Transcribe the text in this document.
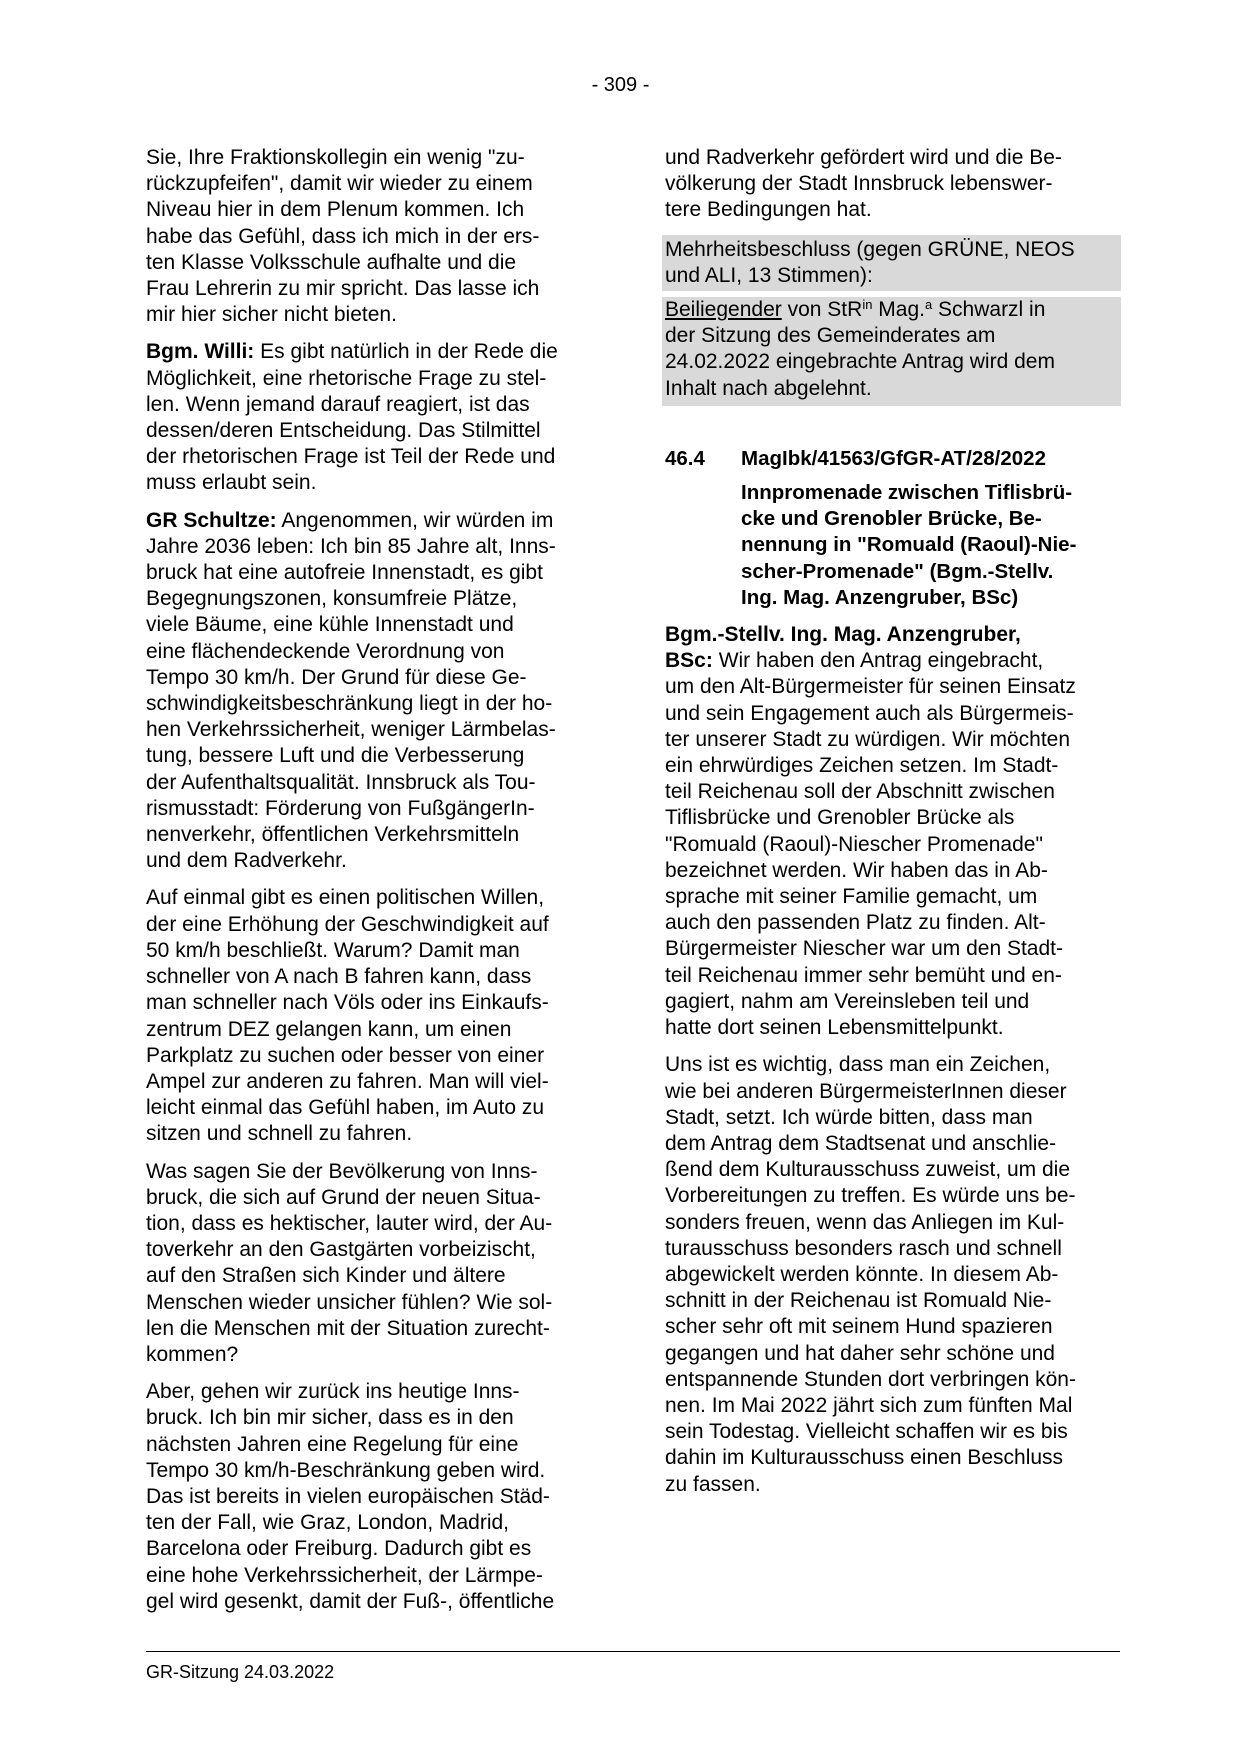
- 309 -

Sie, Ihre Fraktionskollegin ein wenig "zu-
rückzupfeifen", damit wir wieder zu einem
Niveau hier in dem Plenum kommen. Ich
habe das Gefühl, dass ich mich in der ers-
ten Klasse Volksschule aufhalte und die
Frau Lehrerin zu mir spricht. Das lasse ich
mir hier sicher nicht bieten.

Bgm. Willi: Es gibt natürlich in der Rede die
Möglichkeit, eine rhetorische Frage zu stel-
len. Wenn jemand darauf reagiert, ist das
dessen/deren Entscheidung. Das Stilmittel
der rhetorischen Frage ist Teil der Rede und
muss erlaubt sein.

GR Schultze: Angenommen, wir würden im
Jahre 2036 leben: Ich bin 85 Jahre alt, Inns-
bruck hat eine autofreie Innenstadt, es gibt
Begegnungszonen, konsumfreie Plätze,
viele Bäume, eine kühle Innenstadt und
eine flächendeckende Verordnung von
Tempo 30 km/h. Der Grund für diese Ge-
schwindigkeitsbeschränkung liegt in der ho-
hen Verkehrssicherheit, weniger Lärmbelas-
tung, bessere Luft und die Verbesserung
der Aufenthaltsqualität. Innsbruck als Tou-
rismusstadt: Förderung von FußgängerIn-
nenverkehr, öffentlichen Verkehrsmitteln
und dem Radverkehr.

Auf einmal gibt es einen politischen Willen,
der eine Erhöhung der Geschwindigkeit auf
50 km/h beschließt. Warum? Damit man
schneller von A nach B fahren kann, dass
man schneller nach Völs oder ins Einkaufs-
zentrum DEZ gelangen kann, um einen
Parkplatz zu suchen oder besser von einer
Ampel zur anderen zu fahren. Man will viel-
leicht einmal das Gefühl haben, im Auto zu
sitzen und schnell zu fahren.

Was sagen Sie der Bevölkerung von Inns-
bruck, die sich auf Grund der neuen Situa-
tion, dass es hektischer, lauter wird, der Au-
toverkehr an den Gastgärten vorbeizischt,
auf den Straßen sich Kinder und ältere
Menschen wieder unsicher fühlen? Wie sol-
len die Menschen mit der Situation zurecht-
kommen?

Aber, gehen wir zurück ins heutige Inns-
bruck. Ich bin mir sicher, dass es in den
nächsten Jahren eine Regelung für eine
Tempo 30 km/h-Beschränkung geben wird.
Das ist bereits in vielen europäischen Städ-
ten der Fall, wie Graz, London, Madrid,
Barcelona oder Freiburg. Dadurch gibt es
eine hohe Verkehrssicherheit, der Lärmpe-
gel wird gesenkt, damit der Fuß-, öffentliche

und Radverkehr gefördert wird und die Be-
völkerung der Stadt Innsbruck lebenswer-
tere Bedingungen hat.

Mehrheitsbeschluss (gegen GRÜNE, NEOS
und ALI, 13 Stimmen):
Beiliegender von StR$^{in}$ Mag.$^a$ Schwarzl in
der Sitzung des Gemeinderates am
24.02.2022 eingebrachte Antrag wird dem
Inhalt nach abgelehnt.
46.4 MagIbk/41563/GfGR-AT/28/2022
Innpromenade zwischen Tiflisbrü-
cke und Grenobler Brücke, Be-
nennung in "Romuald (Raoul)-Nie-
scher-Promenade" (Bgm.-Stellv.
Ing. Mag. Anzengruber, BSc)

Bgm.-Stellv. Ing. Mag. Anzengruber,
BSc: Wir haben den Antrag eingebracht,
um den Alt-Bürgermeister für seinen Einsatz
und sein Engagement auch als Bürgermeis-
ter unserer Stadt zu würdigen. Wir möchten
ein ehrwürdiges Zeichen setzen. Im Stadt-
teil Reichenau soll der Abschnitt zwischen
Tiflisbrücke und Grenobler Brücke als
"Romuald (Raoul)-Niescher Promenade"
bezeichnet werden. Wir haben das in Ab-
sprache mit seiner Familie gemacht, um
auch den passenden Platz zu finden. Alt-
Bürgermeister Niescher war um den Stadt-
teil Reichenau immer sehr bemüht und en-
gagiert, nahm am Vereinsleben teil und
hatte dort seinen Lebensmittelpunkt.

Uns ist es wichtig, dass man ein Zeichen,
wie bei anderen BürgermeisterInnen dieser
Stadt, setzt. Ich würde bitten, dass man
dem Antrag dem Stadtsenat und anschlie-
ßend dem Kulturausschuss zuweist, um die
Vorbereitungen zu treffen. Es würde uns be-
sonders freuen, wenn das Anliegen im Kul-
turausschuss besonders rasch und schnell
abgewickelt werden könnte. In diesem Ab-
schnitt in der Reichenau ist Romuald Nie-
scher sehr oft mit seinem Hund spazieren
gegangen und hat daher sehr schöne und
entspannende Stunden dort verbringen kön-
nen. Im Mai 2022 jährt sich zum fünften Mal
sein Todestag. Vielleicht schaffen wir es bis
dahin im Kulturausschuss einen Beschluss
zu fassen.

GR-Sitzung 24.03.2022
